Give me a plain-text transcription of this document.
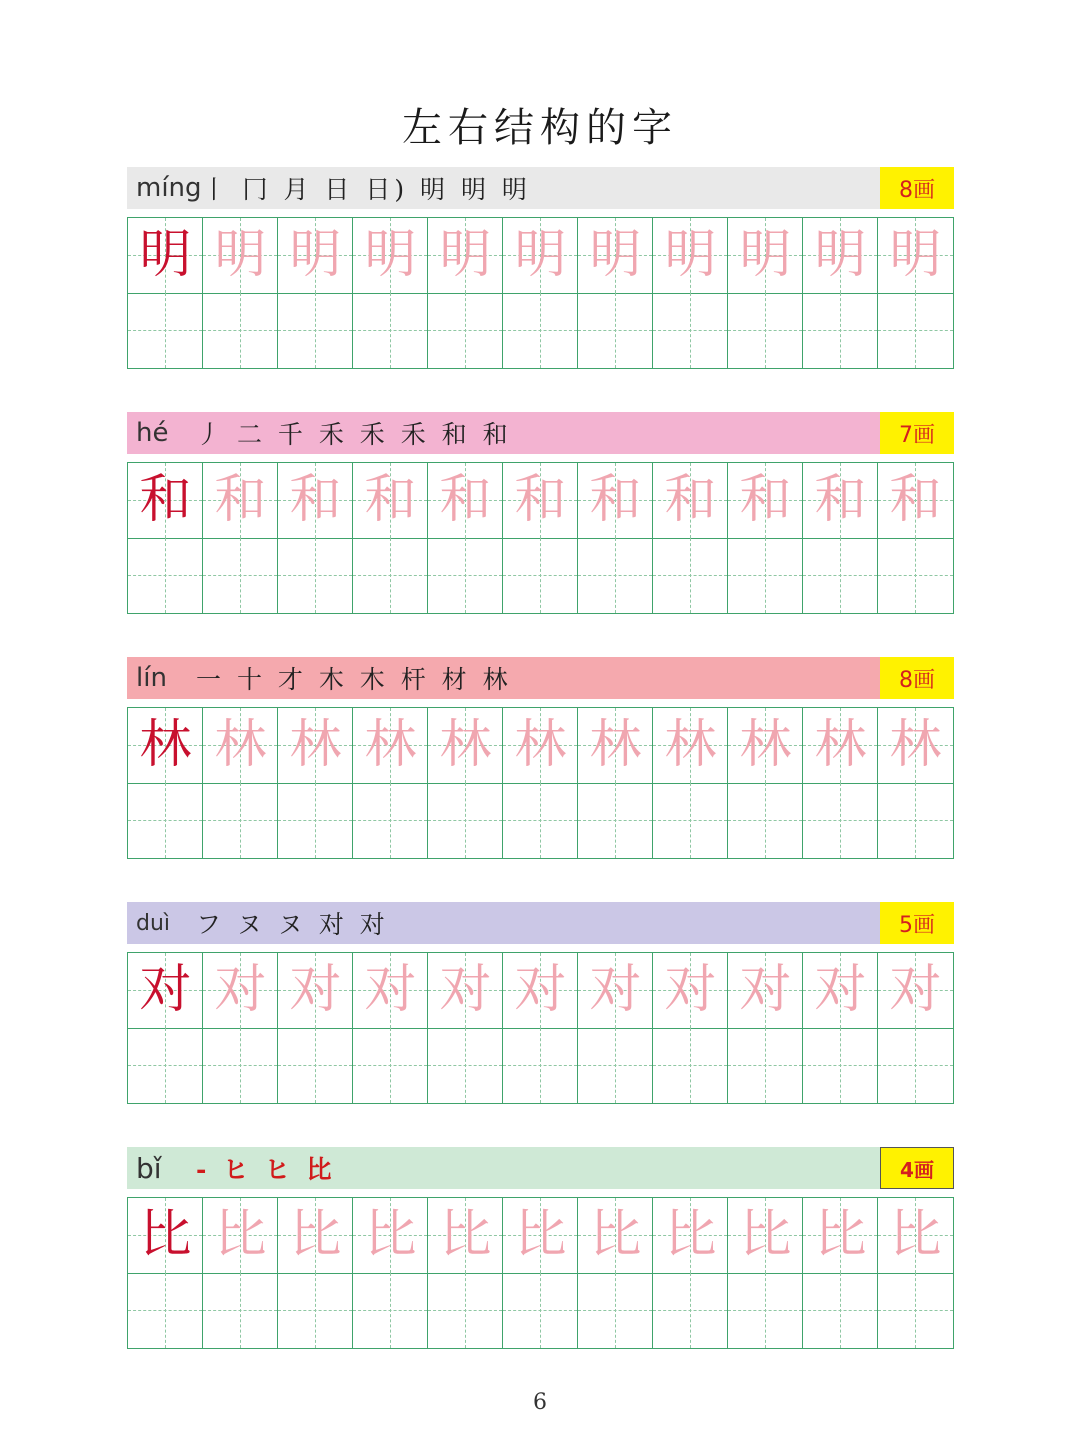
左右结构的字
míng 丨 冂 月 日 日) 明 明 明	8画
明 明 明 明 明 明 明 明 明 明 明
hé	丿 二 千 禾 禾 禾 和 和	7画
和 和 和 和 和 和 和 和 和 和 和
lín	一 十 才 木 木 杆 材 林	8画
林 林 林 林 林 林 林 林 林 林 林
duì	フ ヌ ヌ 对 对	5画
对 对 对 对 对 对 对 对 对 对 对
bǐ	- ヒ ヒ 比	4画
比 比 比 比 比 比 比 比 比 比 比
6
